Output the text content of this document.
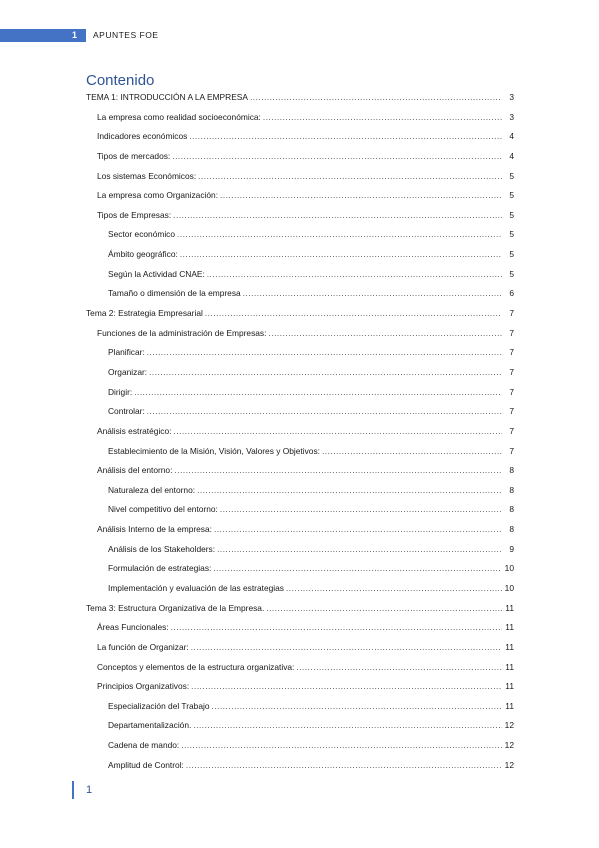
1 APUNTES FOE
Contenido
TEMA 1: INTRODUCCIÓN A LA EMPRESA .....	3
La empresa como realidad socioeconómica: .....	3
Indicadores económicos .....	4
Tipos de mercados: .....	4
Los sistemas Económicos: .....	5
La empresa como Organización: .....	5
Tipos de Empresas: .....	5
Sector económico .....	5
Ámbito geográfico: .....	5
Según la Actividad CNAE: .....	5
Tamaño o dimensión de la empresa .....	6
Tema 2: Estrategia Empresarial .....	7
Funciones de la administración de Empresas: .....	7
Planificar: .....	7
Organizar: .....	7
Dirigir: .....	7
Controlar: .....	7
Análisis estratégico: .....	7
Establecimiento de la Misión, Visión, Valores y Objetivos: .....	7
Análisis del entorno: .....	8
Naturaleza del entorno: .....	8
Nivel competitivo del entorno: .....	8
Análisis Interno de la empresa: .....	8
Análisis de los Stakeholders: .....	9
Formulación de estrategias: .....	10
Implementación y evaluación de las estrategias .....	10
Tema 3: Estructura Organizativa de la Empresa. .....	11
Áreas Funcionales: .....	11
La función de Organizar: .....	11
Conceptos y elementos de la estructura organizativa: .....	11
Principios Organizativos: .....	11
Especialización del Trabajo .....	11
Departamentalización. .....	12
Cadena de mando: .....	12
Amplitud de Control: .....	12
1
